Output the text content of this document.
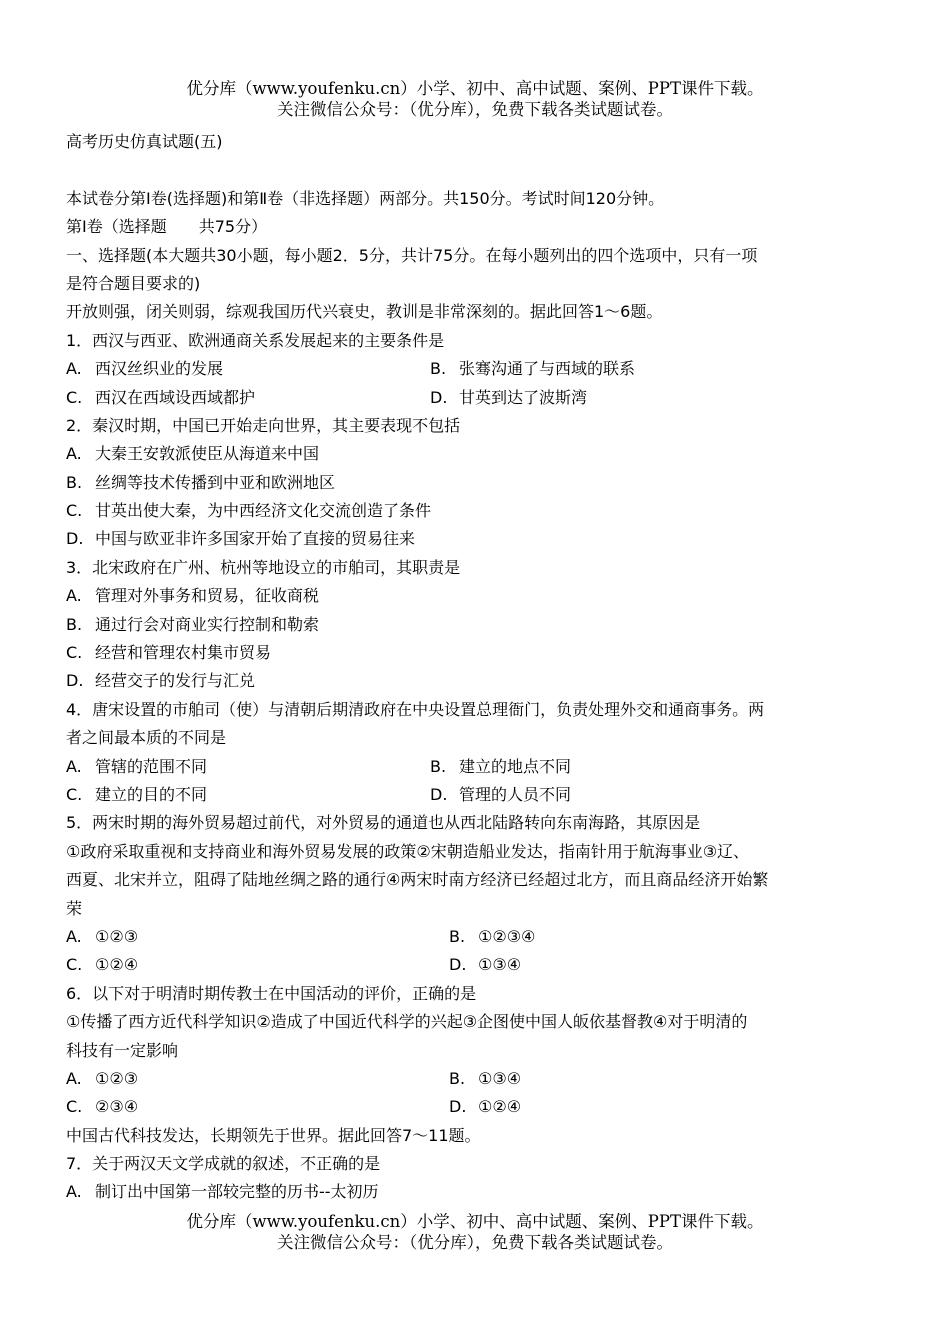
优分库（www.youfenku.cn）小学、初中、高中试题、案例、PPT课件下载。
关注微信公众号：（优分库），免费下载各类试题试卷。
高考历史仿真试题(五)
本试卷分第Ⅰ卷(选择题)和第Ⅱ卷（非选择题）两部分。共150分。考试时间120分钟。
第Ⅰ卷（选择题　　共75分）
一、选择题(本大题共30小题，每小题2．5分，共计75分。在每小题列出的四个选项中，只有一项
是符合题目要求的)
开放则强，闭关则弱，综观我国历代兴衰史，教训是非常深刻的。据此回答1～6题。
1．西汉与西亚、欧洲通商关系发展起来的主要条件是
A. 西汉丝织业的发展	B. 张骞沟通了与西域的联系
C. 西汉在西域设西域都护	D. 甘英到达了波斯湾
2．秦汉时期，中国已开始走向世界，其主要表现不包括
A. 大秦王安敦派使臣从海道来中国
B. 丝绸等技术传播到中亚和欧洲地区
C. 甘英出使大秦，为中西经济文化交流创造了条件
D. 中国与欧亚非许多国家开始了直接的贸易往来
3．北宋政府在广州、杭州等地设立的市舶司，其职责是
A. 管理对外事务和贸易，征收商税
B. 通过行会对商业实行控制和勒索
C. 经营和管理农村集市贸易
D. 经营交子的发行与汇兑
4．唐宋设置的市舶司（使）与清朝后期清政府在中央设置总理衙门，负责处理外交和通商事务。两
者之间最本质的不同是
A. 管辖的范围不同	B. 建立的地点不同
C. 建立的目的不同	D. 管理的人员不同
5．两宋时期的海外贸易超过前代，对外贸易的通道也从西北陆路转向东南海路，其原因是
①政府采取重视和支持商业和海外贸易发展的政策②宋朝造船业发达，指南针用于航海事业③辽、
西夏、北宋并立，阻碍了陆地丝绸之路的通行④两宋时南方经济已经超过北方，而且商品经济开始繁
荣
A. ①②③	B. ①②③④
C. ①②④	D. ①③④
6．以下对于明清时期传教士在中国活动的评价，正确的是
①传播了西方近代科学知识②造成了中国近代科学的兴起③企图使中国人皈依基督教④对于明清的
科技有一定影响
A. ①②③	B. ①③④
C. ②③④	D. ①②④
中国古代科技发达，长期领先于世界。据此回答7～11题。
7．关于两汉天文学成就的叙述，不正确的是
A. 制订出中国第一部较完整的历书--太初历
优分库（www.youfenku.cn）小学、初中、高中试题、案例、PPT课件下载。
关注微信公众号：（优分库），免费下载各类试题试卷。
